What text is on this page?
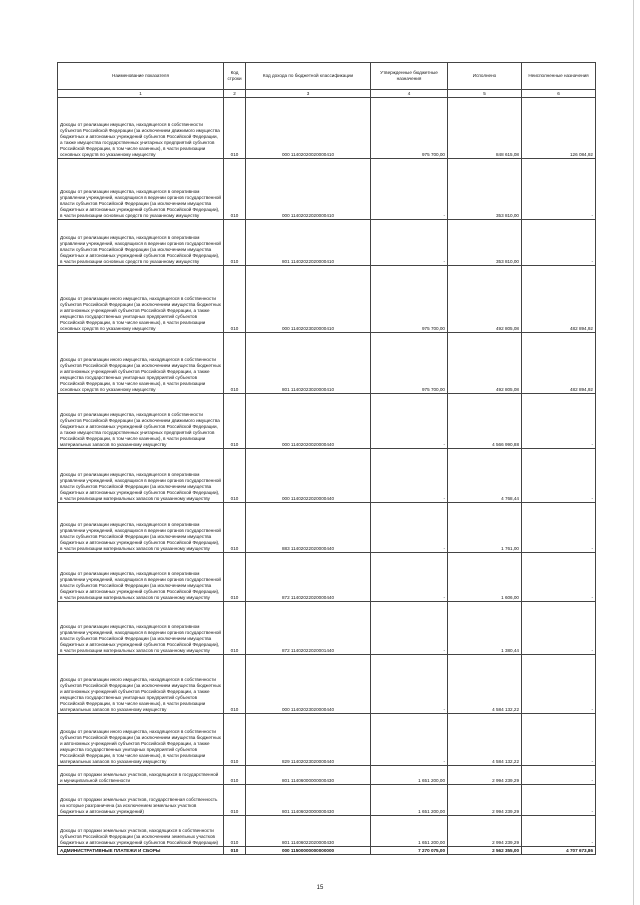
Наименование показателя	Код строки	Код дохода по бюджетной классификации	Утвержденные бюджетные назначения	Исполнено	Неисполненные назначения
1	2	3	4	5	6
Доходы от реализации имущества, находящегося в собственности субъектов Российской Федерации (за исключением движимого имущества бюджетных и автономных учреждений субъектов Российской Федерации, а также имущества государственных унитарных предприятий субъектов Российской Федерации, в том числе казенных), в части реализации основных средств по указанному имуществу	010	000 11402020020000410	975 700,00	848 615,08	126 084,92
Доходы от реализации имущества, находящегося в оперативном управлении учреждений, находящихся в ведении органов государственной власти субъектов Российской Федерации (за исключением имущества бюджетных и автономных учреждений субъектов Российской Федерации), в части реализации основных средств по указанному имуществу	010	000 11402022020000410	-	353 810,00	-
Доходы от реализации имущества, находящегося в оперативном управлении учреждений, находящихся в ведении органов государственной власти субъектов Российской Федерации (за исключением имущества бюджетных и автономных учреждений субъектов Российской Федерации), в части реализации основных средств по указанному имуществу	010	801 11402022020000410	-	353 810,00	-
Доходы от реализации иного имущества, находящегося в собственности субъектов Российской Федерации (за исключением имущества бюджетных и автономных учреждений субъектов Российской Федерации, а также имущества государственных унитарных предприятий субъектов Российской Федерации, в том числе казенных), в части реализации основных средств по указанному имуществу	010	000 11402023020000410	975 700,00	492 805,08	482 894,92
Доходы от реализации иного имущества, находящегося в собственности субъектов Российской Федерации (за исключением имущества бюджетных и автономных учреждений субъектов Российской Федерации, а также имущества государственных унитарных предприятий субъектов Российской Федерации, в том числе казенных), в части реализации основных средств по указанному имуществу	010	801 11402023020000410	975 700,00	492 805,08	482 894,92
Доходы от реализации имущества, находящегося в собственности субъектов Российской Федерации (за исключением движимого имущества бюджетных и автономных учреждений субъектов Российской Федерации, а также имущества государственных унитарных предприятий субъектов Российской Федерации, в том числе казенных), в части реализации материальных запасов по указанному имуществу	010	000 11402020020000440	-	4 566 990,88	-
Доходы от реализации имущества, находящегося в оперативном управлении учреждений, находящихся в ведении органов государственной власти субъектов Российской Федерации (за исключением имущества бюджетных и автономных учреждений субъектов Российской Федерации), в части реализации материальных запасов по указанному имуществу	010	000 11402022020000440	-	4 768,44	-
Доходы от реализации имущества, находящегося в оперативном управлении учреждений, находящихся в ведении органов государственной власти субъектов Российской Федерации (за исключением имущества бюджетных и автономных учреждений субъектов Российской Федерации), в части реализации материальных запасов по указанному имуществу	010	883 11402022020000440	-	1 761,00	-
Доходы от реализации имущества, находящегося в оперативном управлении учреждений, находящихся в ведении органов государственной власти субъектов Российской Федерации (за исключением имущества бюджетных и автономных учреждений субъектов Российской Федерации), в части реализации материальных запасов по указанному имуществу	010	872 11402022020000440	-	1 606,00	-
Доходы от реализации имущества, находящегося в оперативном управлении учреждений, находящихся в ведении органов государственной власти субъектов Российской Федерации (за исключением имущества бюджетных и автономных учреждений субъектов Российской Федерации), в части реализации материальных запасов по указанному имуществу	010	872 11402022020001440	-	1 380,44	-
Доходы от реализации иного имущества, находящегося в собственности субъектов Российской Федерации (за исключением имущества бюджетных и автономных учреждений субъектов Российской Федерации, а также имущества государственных унитарных предприятий субъектов Российской Федерации, в том числе казенных), в части реализации материальных запасов по указанному имуществу	010	000 11402023020000440	-	4 584 132,22	-
Доходы от реализации иного имущества, находящегося в собственности субъектов Российской Федерации (за исключением имущества бюджетных и автономных учреждений субъектов Российской Федерации, а также имущества государственных унитарных предприятий субъектов Российской Федерации, в том числе казенных), в части реализации материальных запасов по указанному имуществу	010	829 11402023020000440	-	4 584 132,22	-
Доходы от продажи земельных участков, находящихся в государственной и муниципальной собственности	010	801 11406000000000430	1 651 200,00	2 994 239,29	-
Доходы от продажи земельных участков, государственная собственность на которые разграничена (за исключением земельных участков бюджетных и автономных учреждений)	010	801 11406020000000430	1 651 200,00	2 994 239,29	-
Доходы от продажи земельных участков, находящихся в собственности субъектов Российской Федерации (за исключением земельных участков бюджетных и автономных учреждений субъектов Российской Федерации)	010	801 11406022020000430	1 651 200,00	2 994 239,29	-
АДМИНИСТРАТИВНЫЕ ПЛАТЕЖИ И СБОРЫ	010	000 11500000000000000	7 270 075,00	2 562 355,00	4 707 673,86
15
